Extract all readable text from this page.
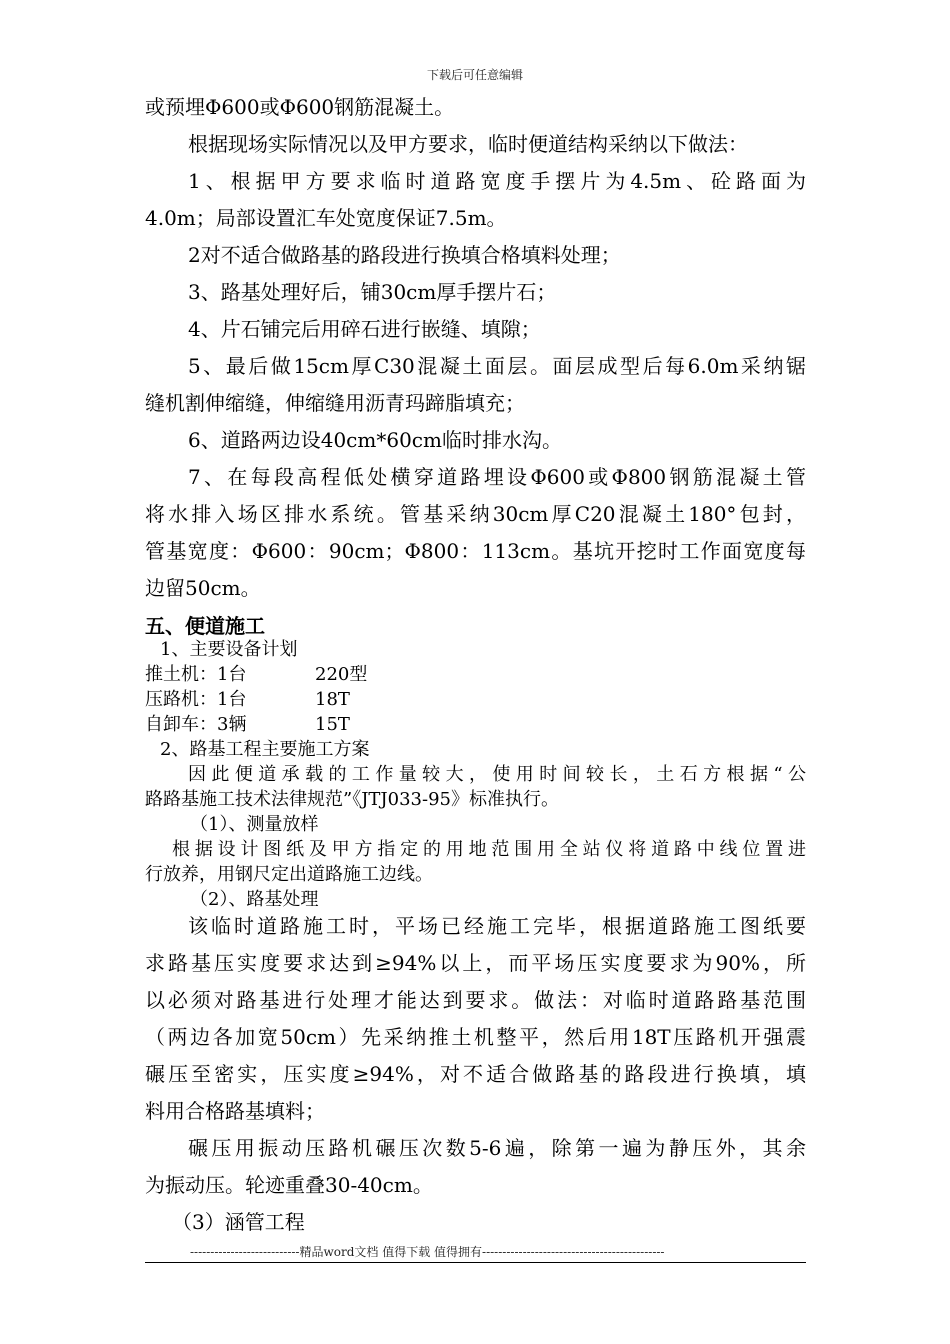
下载后可任意编辑
或预埋Φ600或Φ600钢筋混凝土。
根据现场实际情况以及甲方要求，临时便道结构采纳以下做法：
1、根据甲方要求临时道路宽度手摆片为4.5m、砼路面为
4.0m；局部设置汇车处宽度保证7.5m。
2对不适合做路基的路段进行换填合格填料处理；
3、路基处理好后，铺30cm厚手摆片石；
4、片石铺完后用碎石进行嵌缝、填隙；
5、最后做15cm厚C30混凝土面层。面层成型后每6.0m采纳锯
缝机割伸缩缝，伸缩缝用沥青玛蹄脂填充；
6、道路两边设40cm*60cm临时排水沟。
7、在每段高程低处横穿道路埋设Φ600或Φ800钢筋混凝土管
将水排入场区排水系统。管基采纳30cm厚C20混凝土180°包封，
管基宽度：Φ600：90cm；Φ800：113cm。基坑开挖时工作面宽度每
边留50cm。
五、便道施工
1、主要设备计划
推土机：1台	220型
压路机：1台	18T
自卸车：3辆	15T
2、路基工程主要施工方案
因此便道承载的工作量较大，使用时间较长，土石方根据“公
路路基施工技术法律规范”《JTJ033-95》标准执行。
（1）、测量放样
根据设计图纸及甲方指定的用地范围用全站仪将道路中线位置进
行放养，用钢尺定出道路施工边线。
（2）、路基处理
该临时道路施工时，平场已经施工完毕，根据道路施工图纸要
求路基压实度要求达到≥94%以上，而平场压实度要求为90%，所
以必须对路基进行处理才能达到要求。做法：对临时道路路基范围
（两边各加宽50cm）先采纳推土机整平，然后用18T压路机开强震
碾压至密实，压实度≥94%，对不适合做路基的路段进行换填，填
料用合格路基填料；
碾压用振动压路机碾压次数5-6遍，除第一遍为静压外，其余
为振动压。轮迹重叠30-40cm。
（3）涵管工程
---------------------------精品word文档 值得下载 值得拥有---------------------------------------------
